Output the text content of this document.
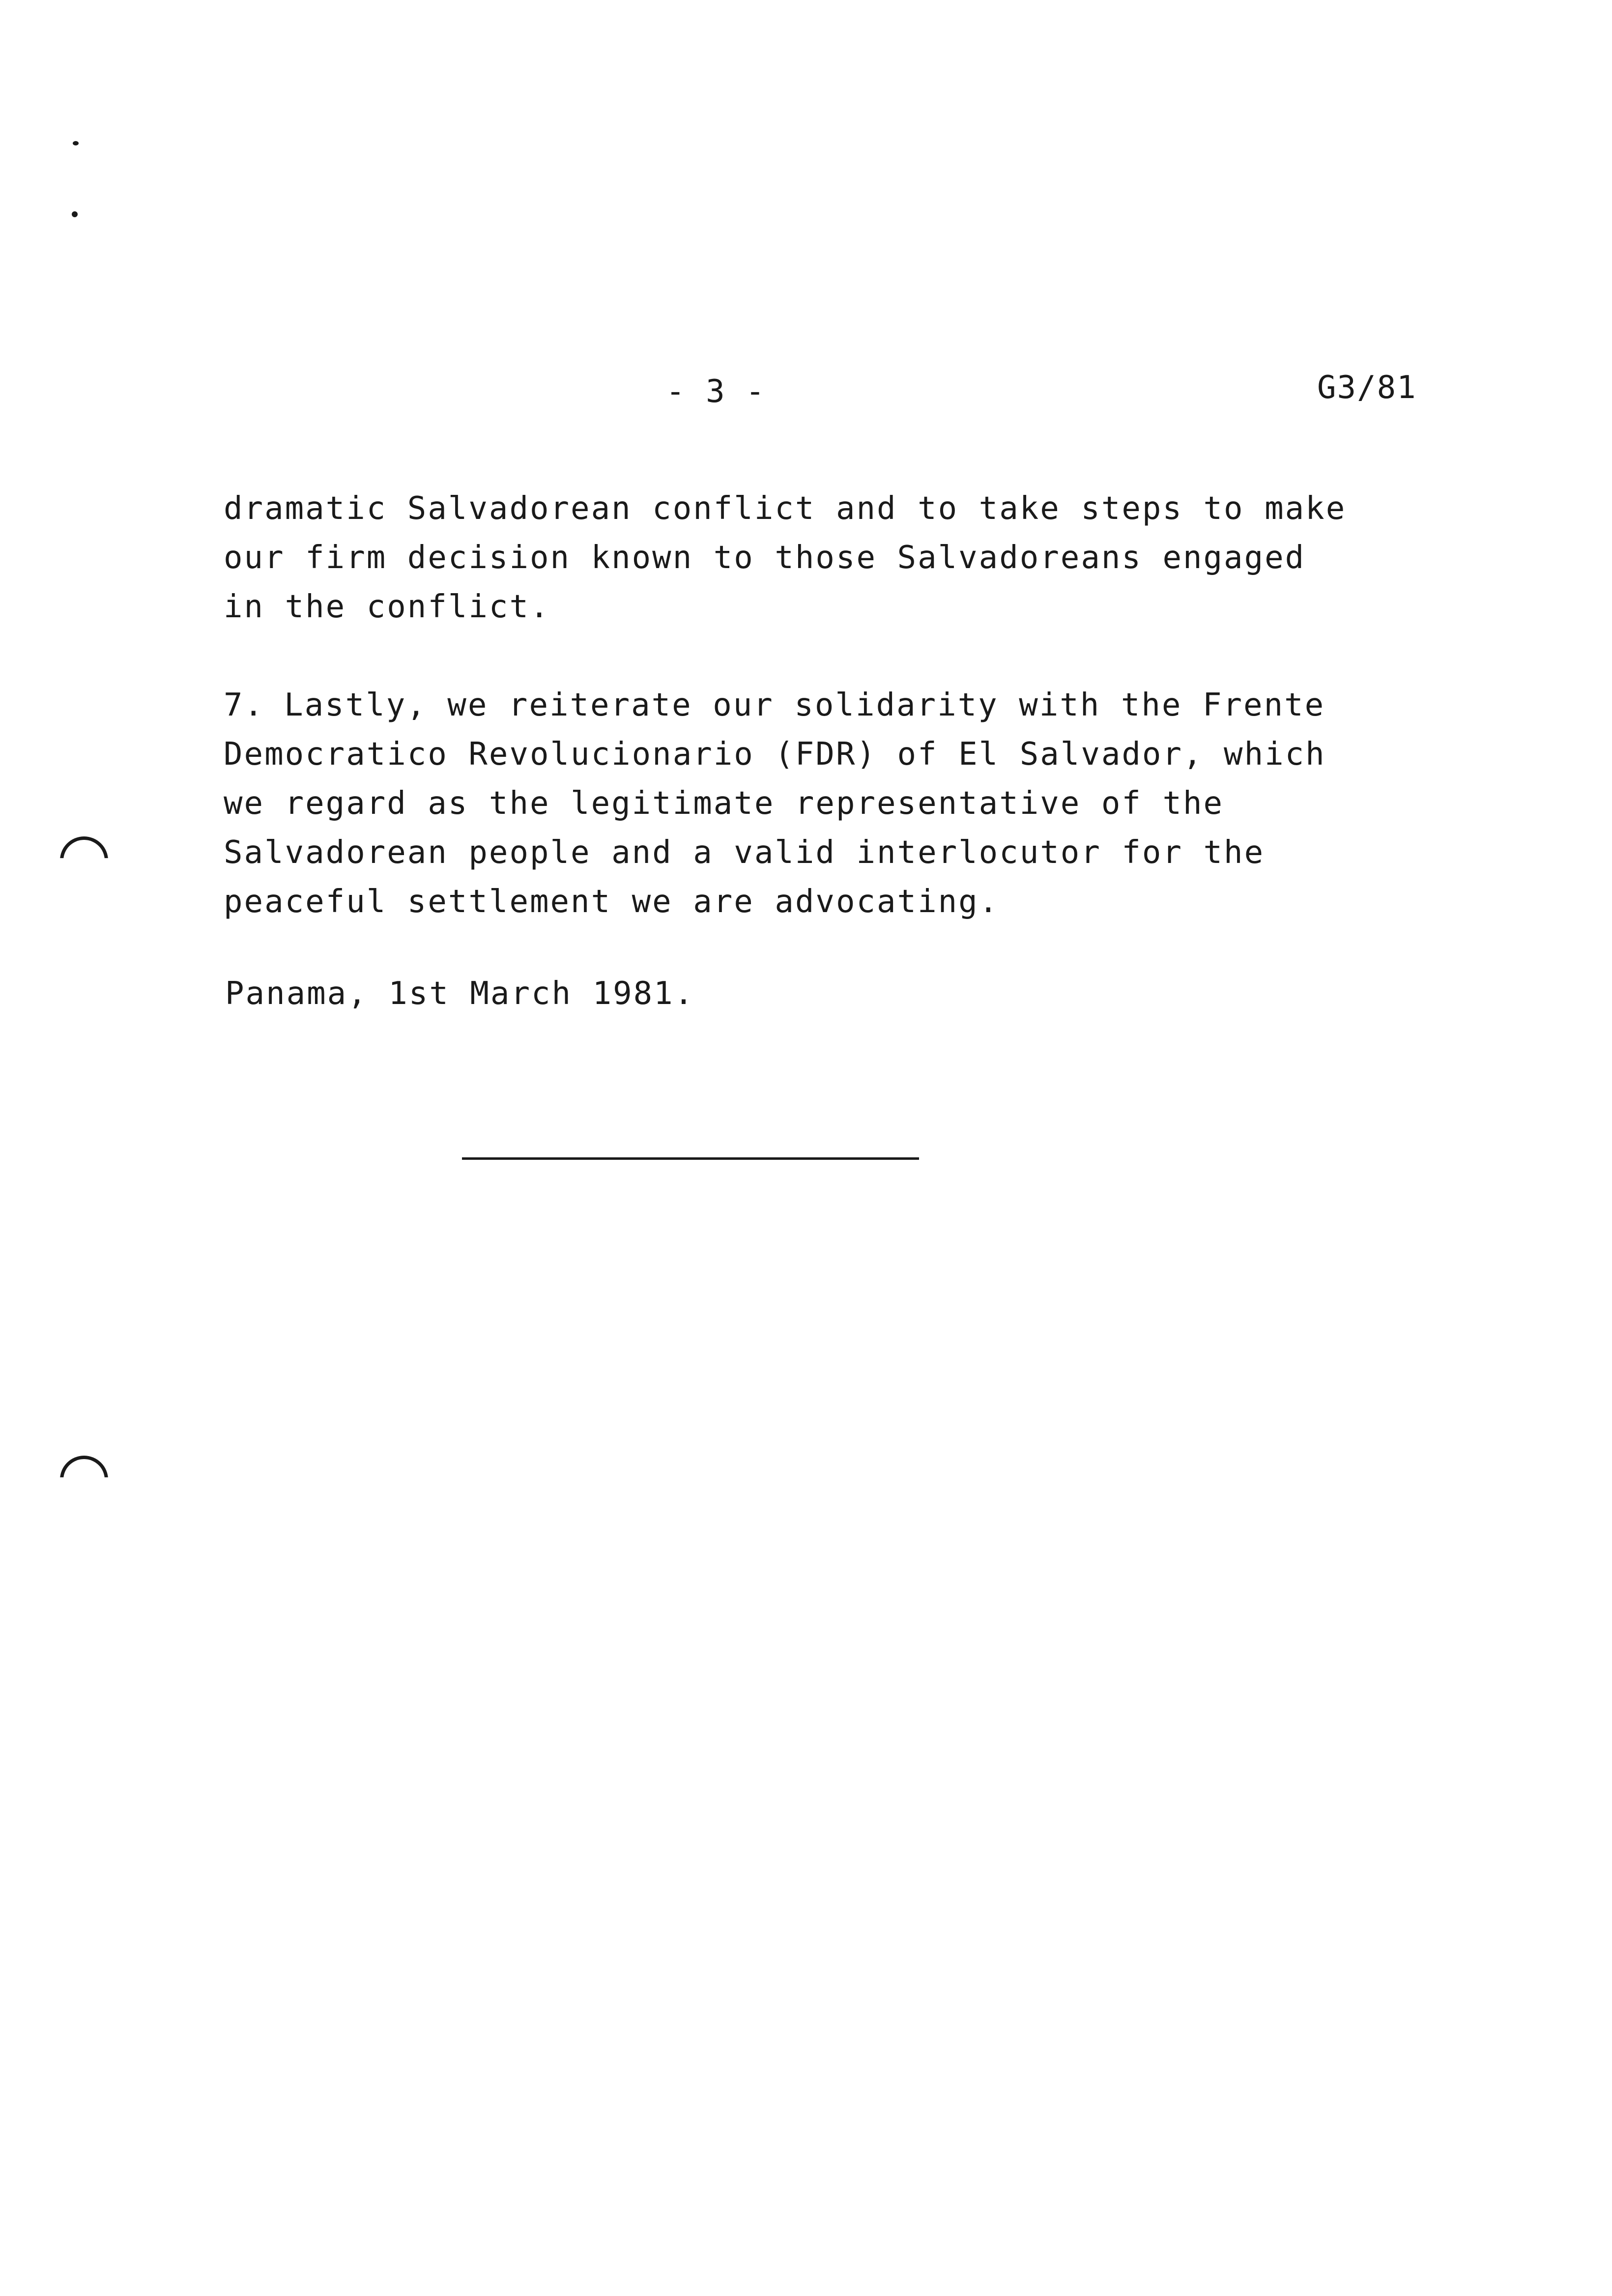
- 3 -	G3/81
dramatic Salvadorean conflict and to take steps to make
our firm decision known to those Salvadoreans engaged
in the conflict.
7. Lastly, we reiterate our solidarity with the Frente
Democratico Revolucionario (FDR) of El Salvador, which
we regard as the legitimate representative of the
Salvadorean people and a valid interlocutor for the
peaceful settlement we are advocating.
Panama, 1st March 1981.
